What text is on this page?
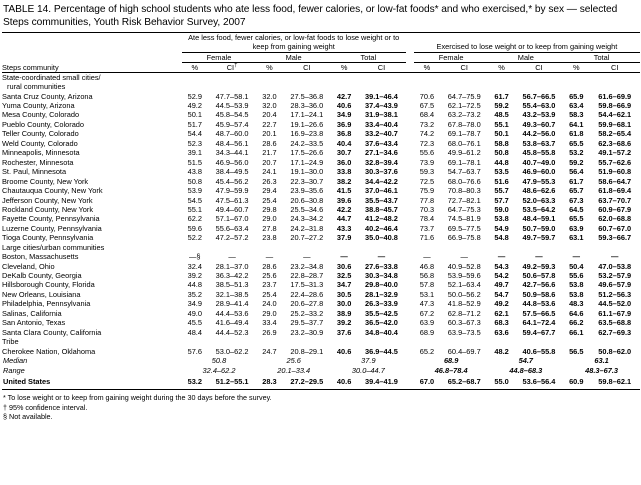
TABLE 14. Percentage of high school students who ate less food, fewer calories, or low-fat foods* and who exercised,* by sex — selected Steps communities, Youth Risk Behavior Survey, 2007
	Ate less food, fewer calories, or low-fat foods to lose weight or to keep from gaining weight							Exercised to lose weight or to keep from gaining weight					
	Female		Male		Total			Female		Male		Total	
Steps community	%	CI†	%	CI	%	CI		%	CI	%	CI	%	CI
State-coordinated small cities/
rural communities													

Santa Cruz County, Arizona	52.9	47.7–58.1	32.0	27.5–36.8	42.7	39.1–46.4		70.6	64.7–75.9	61.7	56.7–66.5	65.9	61.6–69.9
Yuma County, Arizona	49.2	44.5–53.9	32.0	28.3–36.0	40.6	37.4–43.9		67.5	62.1–72.5	59.2	55.4–63.0	63.4	59.8–66.9
Mesa County, Colorado	50.1	45.8–54.5	20.4	17.1–24.1	34.9	31.9–38.1		68.4	63.2–73.2	48.5	43.2–53.9	58.3	54.4–62.1
Pueblo County, Colorado	51.7	45.9–57.4	22.7	19.1–26.6	36.9	33.4–40.4		73.2	67.8–78.0	55.1	49.3–60.7	64.1	59.9–68.1
Teller County, Colorado	54.4	48.7–60.0	20.1	16.9–23.8	36.8	33.2–40.7		74.2	69.1–78.7	50.1	44.2–56.0	61.8	58.2–65.4
Weld County, Colorado	52.3	48.4–56.1	28.6	24.2–33.5	40.4	37.6–43.4		72.3	68.0–76.1	58.8	53.8–63.7	65.5	62.3–68.6
Minneapolis, Minnesota	39.1	34.3–44.1	21.7	17.5–26.6	30.7	27.1–34.6		55.6	49.9–61.2	50.8	45.8–55.8	53.2	49.1–57.2
Rochester, Minnesota	51.5	46.9–56.0	20.7	17.1–24.9	36.0	32.8–39.4		73.9	69.1–78.1	44.8	40.7–49.0	59.2	55.7–62.6
St. Paul, Minnesota	43.8	38.4–49.5	24.1	19.1–30.0	33.8	30.3–37.6		59.3	54.7–63.7	53.5	46.9–60.0	56.4	51.9–60.8
Broome County, New York	50.8	45.4–56.2	26.3	22.3–30.7	38.2	34.4–42.2		72.5	68.0–76.6	51.6	47.9–55.3	61.7	58.6–64.7
Chautauqua County, New York	53.9	47.9–59.9	29.4	23.9–35.6	41.5	37.0–46.1		75.9	70.8–80.3	55.7	48.6–62.6	65.7	61.8–69.4
Jefferson County, New York	54.5	47.5–61.3	25.4	20.6–30.8	39.6	35.5–43.7		77.8	72.7–82.1	57.7	52.0–63.3	67.3	63.7–70.7
Rockland County, New York	55.1	49.4–60.7	29.8	25.5–34.6	42.2	38.8–45.7		70.3	64.7–75.3	59.0	53.5–64.2	64.5	60.9–67.9
Fayette County, Pennsylvania	62.2	57.1–67.0	29.0	24.3–34.2	44.7	41.2–48.2		78.4	74.5–81.9	53.8	48.4–59.1	65.5	62.0–68.8
Luzerne County, Pennsylvania	59.6	55.6–63.4	27.8	24.2–31.8	43.3	40.2–46.4		73.7	69.5–77.5	54.9	50.7–59.0	63.9	60.7–67.0
Tioga County, Pennsylvania	52.2	47.2–57.2	23.8	20.7–27.2	37.9	35.0–40.8		71.6	66.9–75.8	54.8	49.7–59.7	63.1	59.3–66.7
Large cities/urban communities													
Boston, Massachusetts	—§	—	—	—	—	—		—	—	—	—	—	—
Cleveland, Ohio	32.4	28.1–37.0	28.6	23.2–34.8	30.6	27.6–33.8		46.8	40.9–52.8	54.3	49.2–59.3	50.4	47.0–53.8
DeKalb County, Georgia	39.2	36.3–42.2	25.6	22.8–28.7	32.5	30.3–34.8		56.8	53.9–59.6	54.2	50.6–57.8	55.6	53.2–57.9
Hillsborough County, Florida	44.8	38.5–51.3	23.7	17.5–31.3	34.7	29.8–40.0		57.8	52.1–63.4	49.7	42.7–56.6	53.8	49.6–57.9
New Orleans, Louisiana	35.2	32.1–38.5	25.4	22.4–28.6	30.5	28.1–32.9		53.1	50.0–56.2	54.7	50.9–58.6	53.8	51.2–56.3
Philadelphia, Pennsylvania	34.9	28.9–41.4	24.0	20.6–27.8	30.0	26.3–33.9		47.3	41.8–52.9	49.2	44.8–53.6	48.3	44.5–52.0
Salinas, California	49.0	44.4–53.6	29.0	25.2–33.2	38.9	35.5–42.5		67.2	62.8–71.2	62.1	57.5–66.5	64.6	61.1–67.9
San Antonio, Texas	45.5	41.6–49.4	33.4	29.5–37.7	39.2	36.5–42.0		63.9	60.3–67.3	68.3	64.1–72.4	66.2	63.5–68.8
Santa Clara County, California	48.4	44.4–52.3	26.9	23.2–30.9	37.6	34.8–40.4		68.9	63.9–73.5	63.6	59.4–67.7	66.1	62.7–69.3
Tribe													
Cherokee Nation, Oklahoma	57.6	53.0–62.2	24.7	20.8–29.1	40.6	36.9–44.5		65.2	60.4–69.7	48.2	40.6–55.8	56.5	50.8–62.0
Median	50.8		25.6		37.9			68.9		54.7		63.1	
Range	32.4–62.2		20.1–33.4		30.0–44.7			46.8–78.4		44.8–68.3		48.3–67.3	
United States	53.2	51.2–55.1	28.3	27.2–29.5	40.6	39.4–41.9		67.0	65.2–68.7	55.0	53.6–56.4	60.9	59.8–62.1
* To lose weight or to keep from gaining weight during the 30 days before the survey.
† 95% confidence interval.
§ Not available.
